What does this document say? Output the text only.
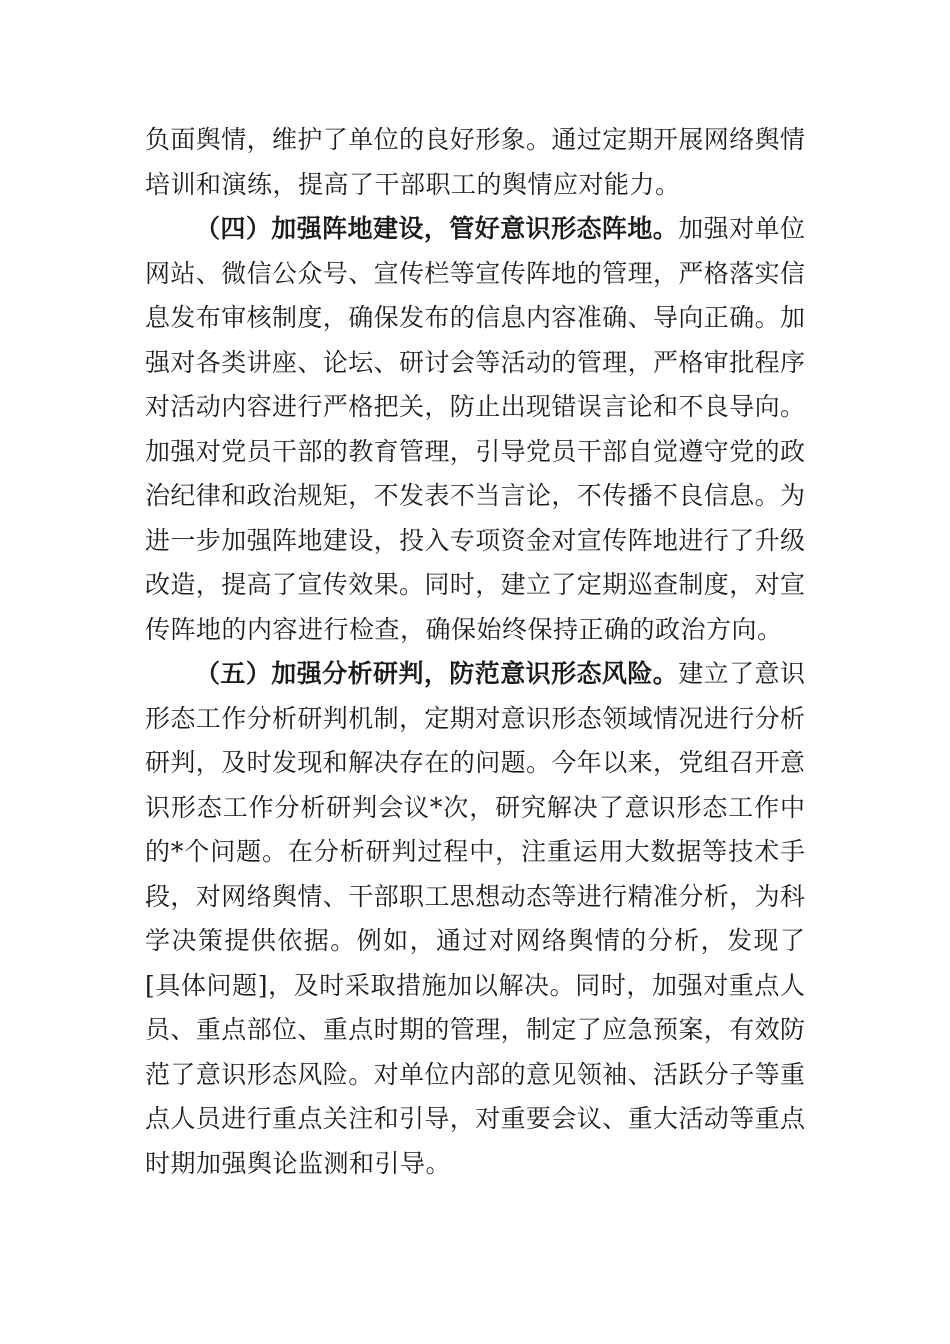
负面舆情，维护了单位的良好形象。通过定期开展网络舆情
培训和演练，提高了干部职工的舆情应对能力。
（四）加强阵地建设，管好意识形态阵地。加强对单位
网站、微信公众号、宣传栏等宣传阵地的管理，严格落实信
息发布审核制度，确保发布的信息内容准确、导向正确。加
强对各类讲座、论坛、研讨会等活动的管理，严格审批程序
对活动内容进行严格把关，防止出现错误言论和不良导向。
加强对党员干部的教育管理，引导党员干部自觉遵守党的政
治纪律和政治规矩，不发表不当言论，不传播不良信息。为
进一步加强阵地建设，投入专项资金对宣传阵地进行了升级
改造，提高了宣传效果。同时，建立了定期巡查制度，对宣
传阵地的内容进行检查，确保始终保持正确的政治方向。
（五）加强分析研判，防范意识形态风险。建立了意识
形态工作分析研判机制，定期对意识形态领域情况进行分析
研判，及时发现和解决存在的问题。今年以来，党组召开意
识形态工作分析研判会议*次，研究解决了意识形态工作中
的*个问题。在分析研判过程中，注重运用大数据等技术手
段，对网络舆情、干部职工思想动态等进行精准分析，为科
学决策提供依据。例如，通过对网络舆情的分析，发现了
[具体问题]，及时采取措施加以解决。同时，加强对重点人
员、重点部位、重点时期的管理，制定了应急预案，有效防
范了意识形态风险。对单位内部的意见领袖、活跃分子等重
点人员进行重点关注和引导，对重要会议、重大活动等重点
时期加强舆论监测和引导。
